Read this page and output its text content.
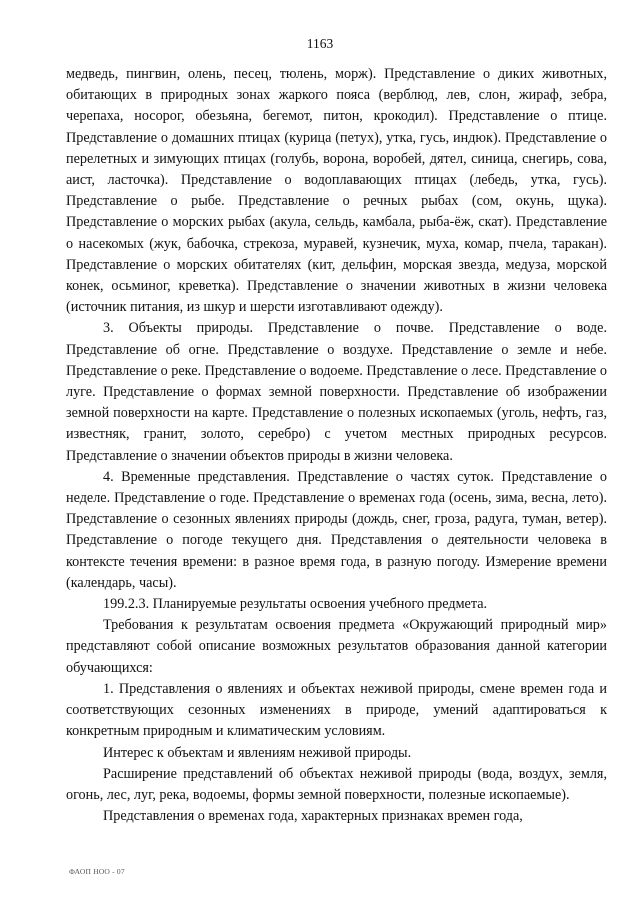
1163

медведь, пингвин, олень, песец, тюлень, морж). Представление о диких животных, обитающих в природных зонах жаркого пояса (верблюд, лев, слон, жираф, зебра, черепаха, носорог, обезьяна, бегемот, питон, крокодил). Представление о птице. Представление о домашних птицах (курица (петух), утка, гусь, индюк). Представление о перелетных и зимующих птицах (голубь, ворона, воробей, дятел, синица, снегирь, сова, аист, ласточка). Представление о водоплавающих птицах (лебедь, утка, гусь). Представление о рыбе. Представление о речных рыбах (сом, окунь, щука). Представление о морских рыбах (акула, сельдь, камбала, рыба-ёж, скат). Представление о насекомых (жук, бабочка, стрекоза, муравей, кузнечик, муха, комар, пчела, таракан). Представление о морских обитателях (кит, дельфин, морская звезда, медуза, морской конек, осьминог, креветка). Представление о значении животных в жизни человека (источник питания, из шкур и шерсти изготавливают одежду).

3. Объекты природы. Представление о почве. Представление о воде. Представление об огне. Представление о воздухе. Представление о земле и небе. Представление о реке. Представление о водоеме. Представление о лесе. Представление о луге. Представление о формах земной поверхности. Представление об изображении земной поверхности на карте. Представление о полезных ископаемых (уголь, нефть, газ, известняк, гранит, золото, серебро) с учетом местных природных ресурсов. Представление о значении объектов природы в жизни человека.

4. Временные представления. Представление о частях суток. Представление о неделе. Представление о годе. Представление о временах года (осень, зима, весна, лето). Представление о сезонных явлениях природы (дождь, снег, гроза, радуга, туман, ветер). Представление о погоде текущего дня. Представления о деятельности человека в контексте течения времени: в разное время года, в разную погоду. Измерение времени (календарь, часы).

199.2.3. Планируемые результаты освоения учебного предмета.

Требования к результатам освоения предмета «Окружающий природный мир» представляют собой описание возможных результатов образования данной категории обучающихся:

1. Представления о явлениях и объектах неживой природы, смене времен года и соответствующих сезонных изменениях в природе, умений адаптироваться к конкретным природным и климатическим условиям.

Интерес к объектам и явлениям неживой природы.

Расширение представлений об объектах неживой природы (вода, воздух, земля, огонь, лес, луг, река, водоемы, формы земной поверхности, полезные ископаемые).

Представления о временах года, характерных признаках времен года,

ФАОП НОО - 07
